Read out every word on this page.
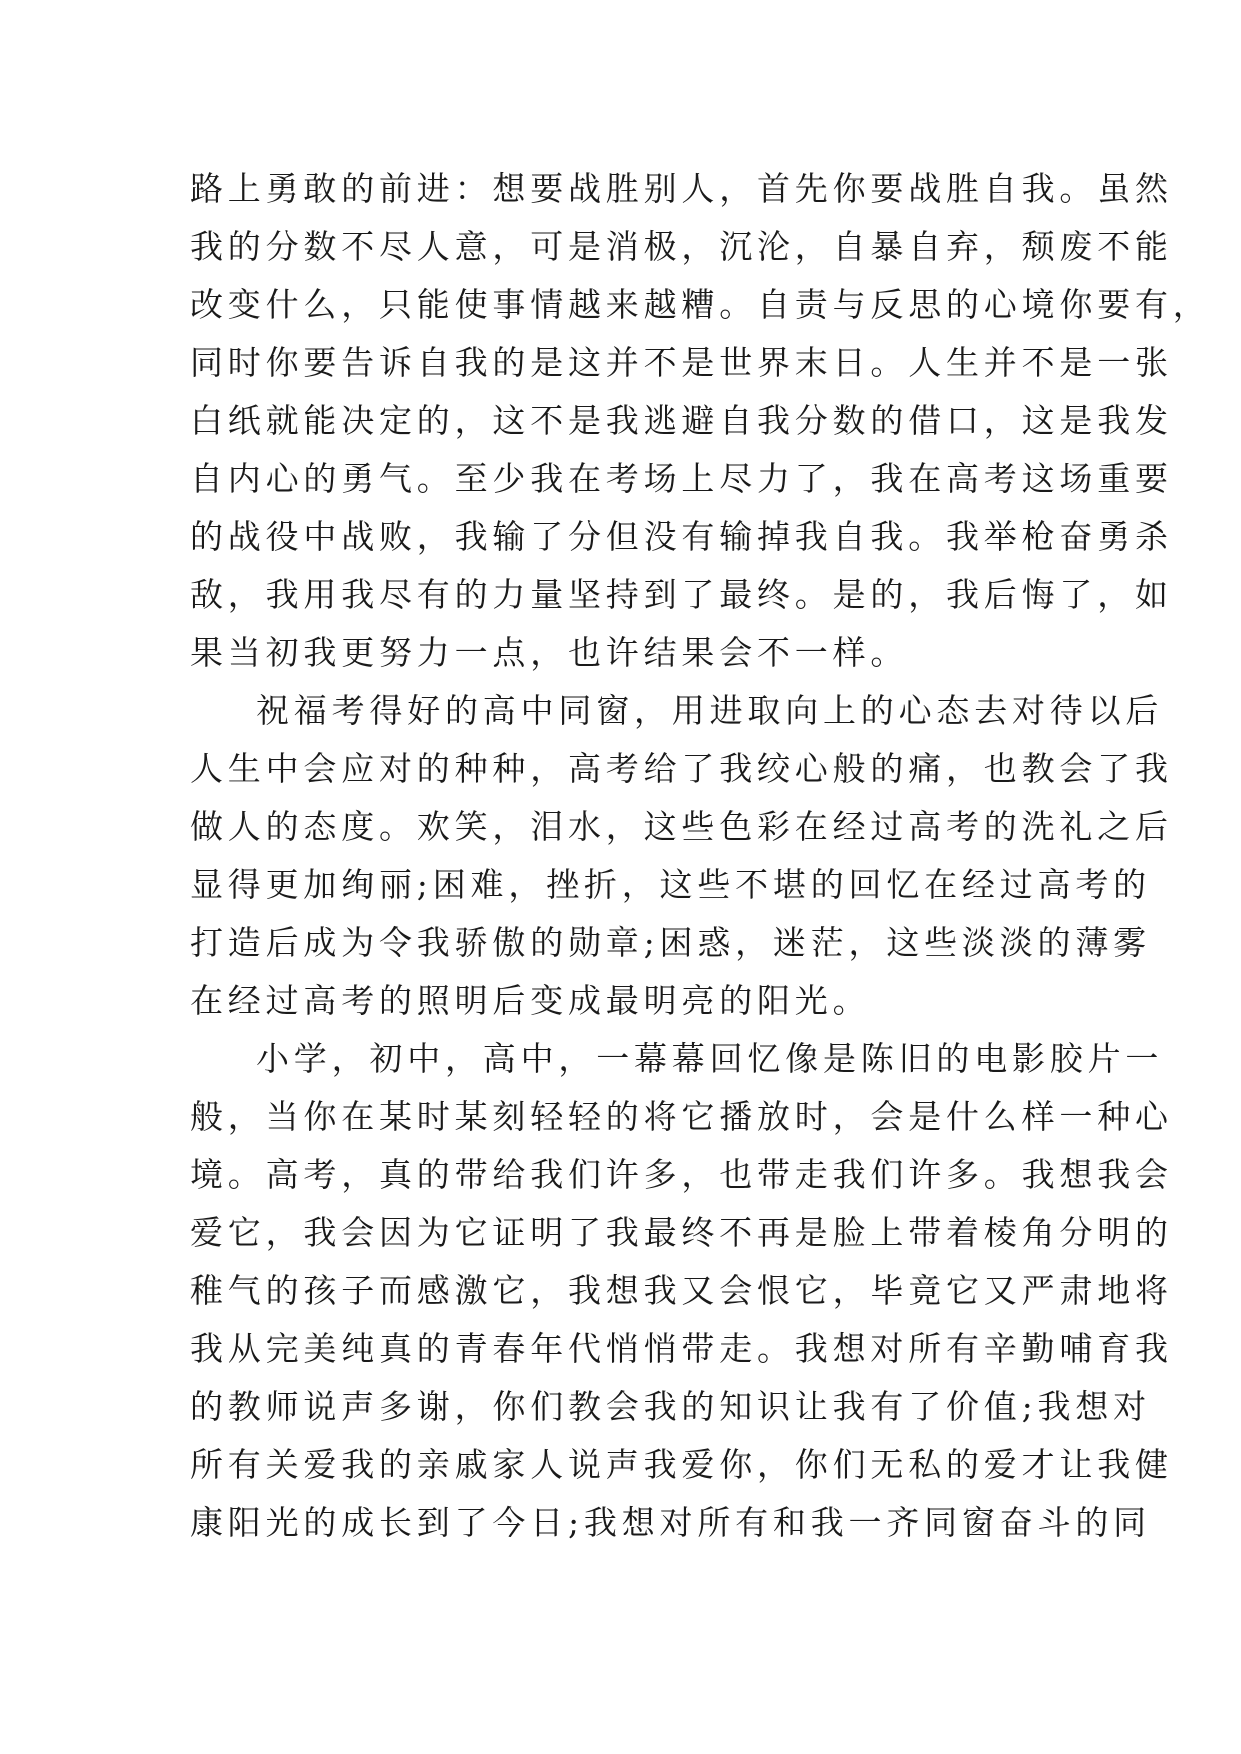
路上勇敢的前进：想要战胜别人，首先你要战胜自我。虽然
我的分数不尽人意，可是消极，沉沦，自暴自弃，颓废不能
改变什么，只能使事情越来越糟。自责与反思的心境你要有，
同时你要告诉自我的是这并不是世界末日。人生并不是一张
白纸就能决定的，这不是我逃避自我分数的借口，这是我发
自内心的勇气。至少我在考场上尽力了，我在高考这场重要
的战役中战败，我输了分但没有输掉我自我。我举枪奋勇杀
敌，我用我尽有的力量坚持到了最终。是的，我后悔了，如
果当初我更努力一点，也许结果会不一样。
祝福考得好的高中同窗，用进取向上的心态去对待以后
人生中会应对的种种，高考给了我绞心般的痛，也教会了我
做人的态度。欢笑，泪水，这些色彩在经过高考的洗礼之后
显得更加绚丽;困难，挫折，这些不堪的回忆在经过高考的
打造后成为令我骄傲的勋章;困惑，迷茫，这些淡淡的薄雾
在经过高考的照明后变成最明亮的阳光。
小学，初中，高中，一幕幕回忆像是陈旧的电影胶片一
般，当你在某时某刻轻轻的将它播放时，会是什么样一种心
境。高考，真的带给我们许多，也带走我们许多。我想我会
爱它，我会因为它证明了我最终不再是脸上带着棱角分明的
稚气的孩子而感激它，我想我又会恨它，毕竟它又严肃地将
我从完美纯真的青春年代悄悄带走。我想对所有辛勤哺育我
的教师说声多谢，你们教会我的知识让我有了价值;我想对
所有关爱我的亲戚家人说声我爱你，你们无私的爱才让我健
康阳光的成长到了今日;我想对所有和我一齐同窗奋斗的同
